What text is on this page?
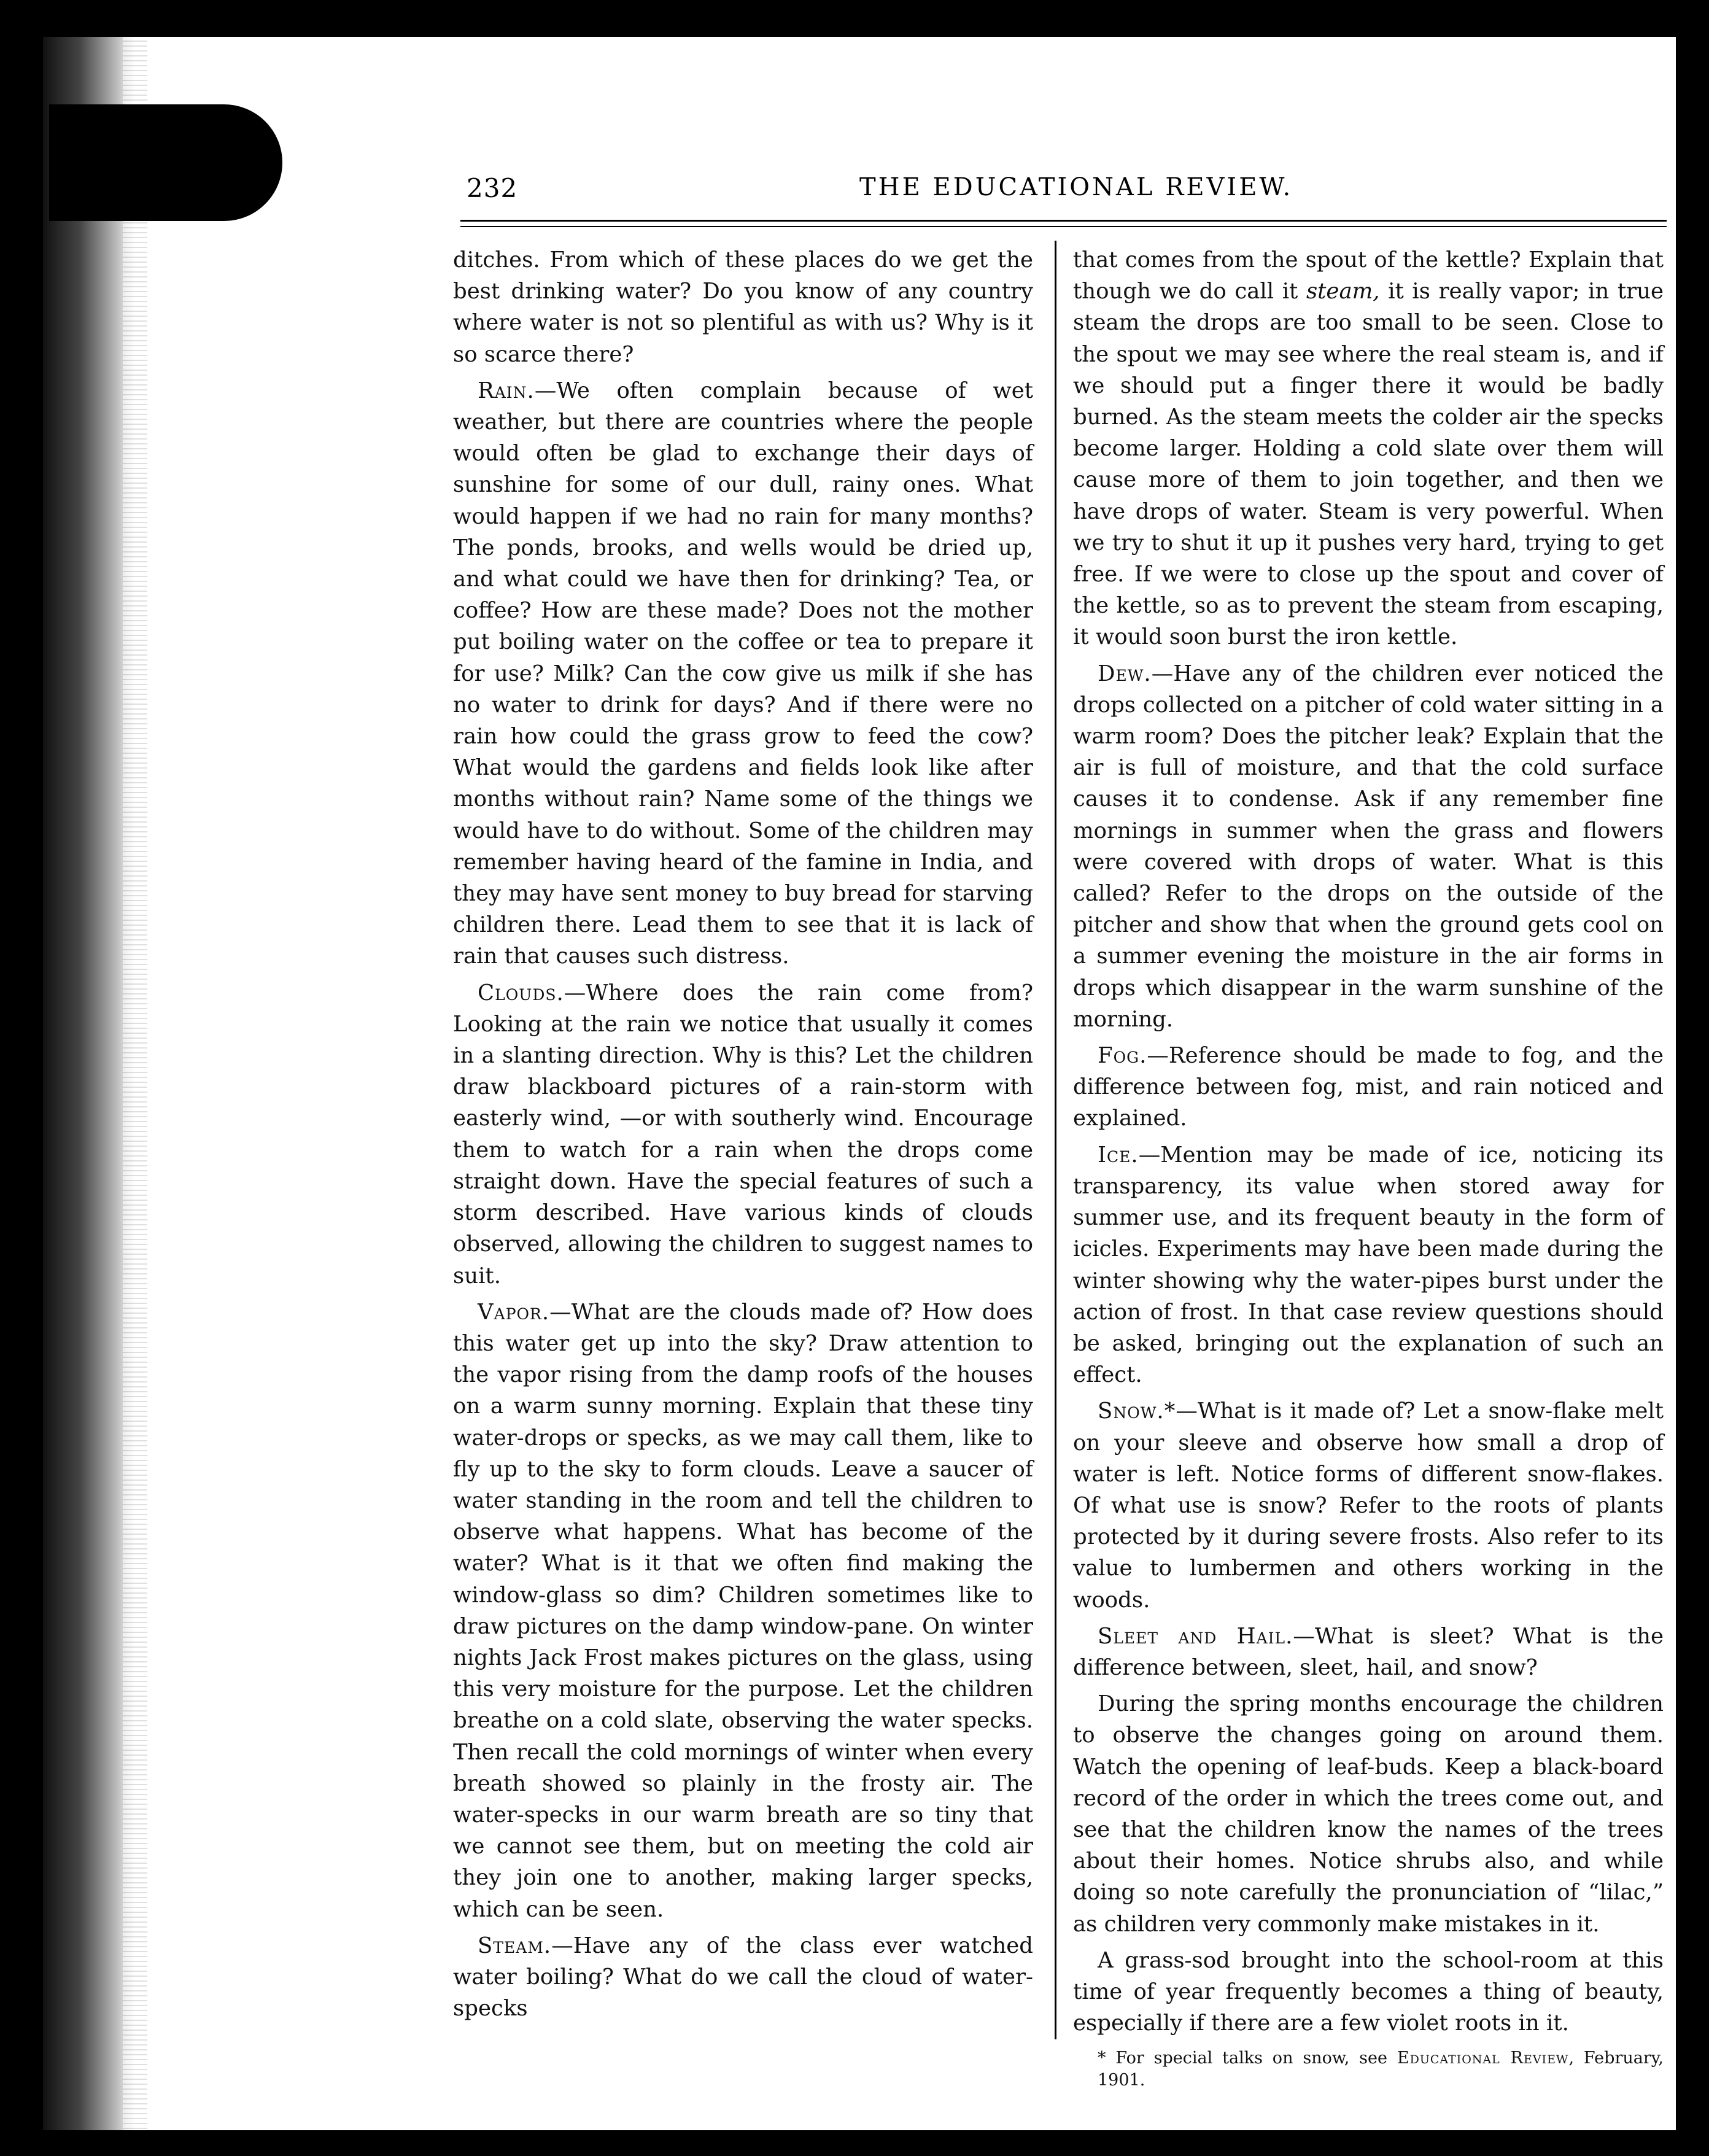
232	THE EDUCATIONAL REVIEW.

ditches. From which of these places do we get the best drinking water? Do you know of any country where water is not so plentiful as with us? Why is it so scarce there?

Rain.—We often complain because of wet weather, but there are countries where the people would often be glad to exchange their days of sunshine for some of our dull, rainy ones. What would happen if we had no rain for many months? The ponds, brooks, and wells would be dried up, and what could we have then for drinking? Tea, or coffee? How are these made? Does not the mother put boiling water on the coffee or tea to prepare it for use? Milk? Can the cow give us milk if she has no water to drink for days? And if there were no rain how could the grass grow to feed the cow? What would the gardens and fields look like after months without rain? Name some of the things we would have to do without. Some of the children may remember having heard of the famine in India, and they may have sent money to buy bread for starving children there. Lead them to see that it is lack of rain that causes such distress.

Clouds.—Where does the rain come from? Looking at the rain we notice that usually it comes in a slanting direction. Why is this? Let the children draw blackboard pictures of a rain-storm with easterly wind, —or with southerly wind. Encourage them to watch for a rain when the drops come straight down. Have the special features of such a storm described. Have various kinds of clouds observed, allowing the children to suggest names to suit.

Vapor.—What are the clouds made of? How does this water get up into the sky? Draw attention to the vapor rising from the damp roofs of the houses on a warm sunny morning. Explain that these tiny water-drops or specks, as we may call them, like to fly up to the sky to form clouds. Leave a saucer of water standing in the room and tell the children to observe what happens. What has become of the water? What is it that we often find making the window-glass so dim? Children sometimes like to draw pictures on the damp window-pane. On winter nights Jack Frost makes pictures on the glass, using this very moisture for the purpose. Let the children breathe on a cold slate, observing the water specks. Then recall the cold mornings of winter when every breath showed so plainly in the frosty air. The water-specks in our warm breath are so tiny that we cannot see them, but on meeting the cold air they join one to another, making larger specks, which can be seen.

Steam.—Have any of the class ever watched water boiling? What do we call the cloud of water-specks

that comes from the spout of the kettle? Explain that though we do call it steam, it is really vapor; in true steam the drops are too small to be seen. Close to the spout we may see where the real steam is, and if we should put a finger there it would be badly burned. As the steam meets the colder air the specks become larger. Holding a cold slate over them will cause more of them to join together, and then we have drops of water. Steam is very powerful. When we try to shut it up it pushes very hard, trying to get free. If we were to close up the spout and cover of the kettle, so as to prevent the steam from escaping, it would soon burst the iron kettle.

Dew.—Have any of the children ever noticed the drops collected on a pitcher of cold water sitting in a warm room? Does the pitcher leak? Explain that the air is full of moisture, and that the cold surface causes it to condense. Ask if any remember fine mornings in summer when the grass and flowers were covered with drops of water. What is this called? Refer to the drops on the outside of the pitcher and show that when the ground gets cool on a summer evening the moisture in the air forms in drops which disappear in the warm sunshine of the morning.

Fog.—Reference should be made to fog, and the difference between fog, mist, and rain noticed and explained.

Ice.—Mention may be made of ice, noticing its transparency, its value when stored away for summer use, and its frequent beauty in the form of icicles. Experiments may have been made during the winter showing why the water-pipes burst under the action of frost. In that case review questions should be asked, bringing out the explanation of such an effect.

Snow.*—What is it made of? Let a snow-flake melt on your sleeve and observe how small a drop of water is left. Notice forms of different snow-flakes. Of what use is snow? Refer to the roots of plants protected by it during severe frosts. Also refer to its value to lumbermen and others working in the woods.

Sleet and Hail.—What is sleet? What is the difference between, sleet, hail, and snow?

During the spring months encourage the children to observe the changes going on around them. Watch the opening of leaf-buds. Keep a black-board record of the order in which the trees come out, and see that the children know the names of the trees about their homes. Notice shrubs also, and while doing so note carefully the pronunciation of “lilac,” as children very commonly make mistakes in it.

A grass-sod brought into the school-room at this time of year frequently becomes a thing of beauty, especially if there are a few violet roots in it.

* For special talks on snow, see Educational Review, February, 1901.
